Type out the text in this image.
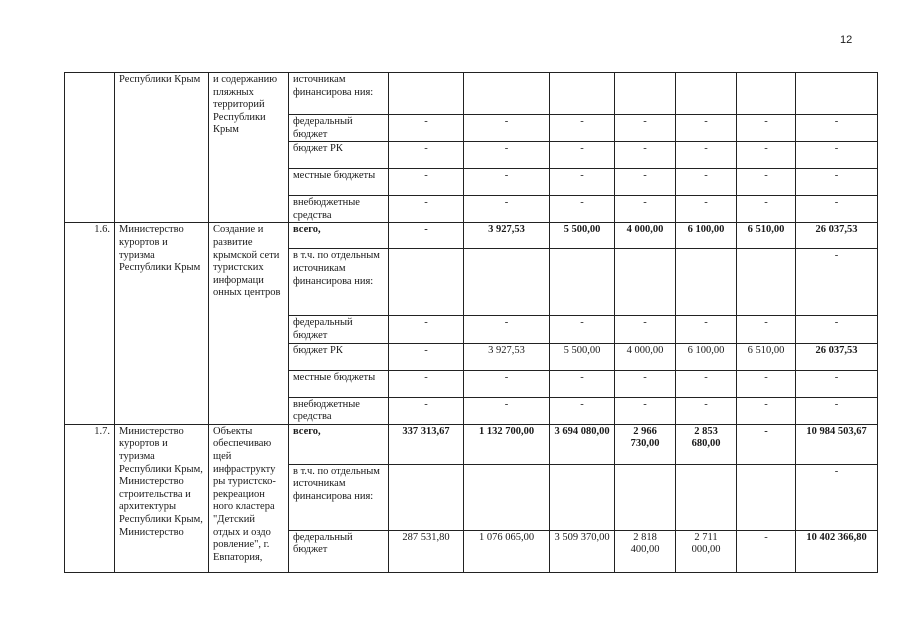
12
	Республики Крым	и содержанию пляжных территорий Республики Крым	источникам финансирова ния:							
			федеральный бюджет	-	-	-	-	-	-	-
			бюджет РК	-	-	-	-	-	-	-
			местные бюджеты	-	-	-	-	-	-	-
			внебюджетные средства	-	-	-	-	-	-	-
1.6.	Министерство курортов и туризма Республики Крым	Создание и развитие крымской сети туристских информаци онных центров	всего,	-	3 927,53	5 500,00	4 000,00	6 100,00	6 510,00	26 037,53
			в т.ч. по отдельным источникам финансирова ния:							-
			федеральный бюджет	-	-	-	-	-	-	-
			бюджет РК	-	3 927,53	5 500,00	4 000,00	6 100,00	6 510,00	26 037,53
			местные бюджеты	-	-	-	-	-	-	-
			внебюджетные средства	-	-	-	-	-	-	-
1.7.	Министерство курортов и туризма Республики Крым, Министерство строительства и архитектуры Республики Крым, Министерство	Объекты обеспечиваю щей инфраструкту ры туристско-рекреацион ного кластера "Детский отдых и оздо ровление", г. Евпатория,	всего,	337 313,67	1 132 700,00	3 694 080,00	2 966 730,00	2 853 680,00	-	10 984 503,67
			в т.ч. по отдельным источникам финансирова ния:							-
			федеральный бюджет	287 531,80	1 076 065,00	3 509 370,00	2 818 400,00	2 711 000,00	-	10 402 366,80
